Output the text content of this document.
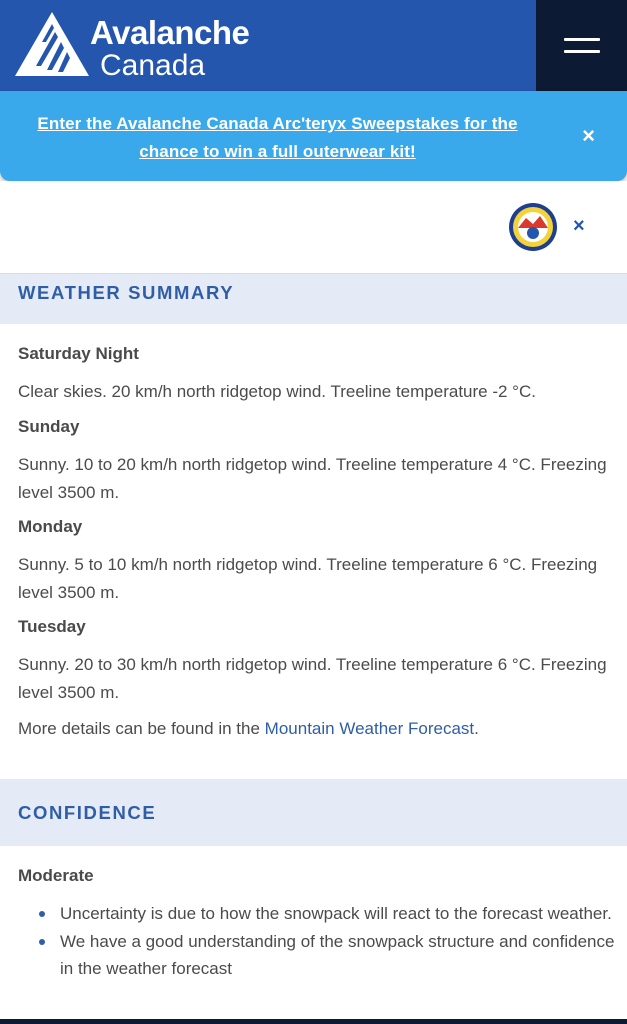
Avalanche
Canada
Enter the Avalanche Canada Arc'teryx Sweepstakes for the chance to win a full outerwear kit!
×
×
WEATHER SUMMARY
Saturday Night
Clear skies. 20 km/h north ridgetop wind. Treeline temperature -2 °C.
Sunday
Sunny. 10 to 20 km/h north ridgetop wind. Treeline temperature 4 °C. Freezing level 3500 m.
Monday
Sunny. 5 to 10 km/h north ridgetop wind. Treeline temperature 6 °C. Freezing level 3500 m.
Tuesday
Sunny. 20 to 30 km/h north ridgetop wind. Treeline temperature 6 °C. Freezing level 3500 m.
More details can be found in the Mountain Weather Forecast.
CONFIDENCE
Moderate
Uncertainty is due to how the snowpack will react to the forecast weather.
We have a good understanding of the snowpack structure and confidence in the weather forecast
